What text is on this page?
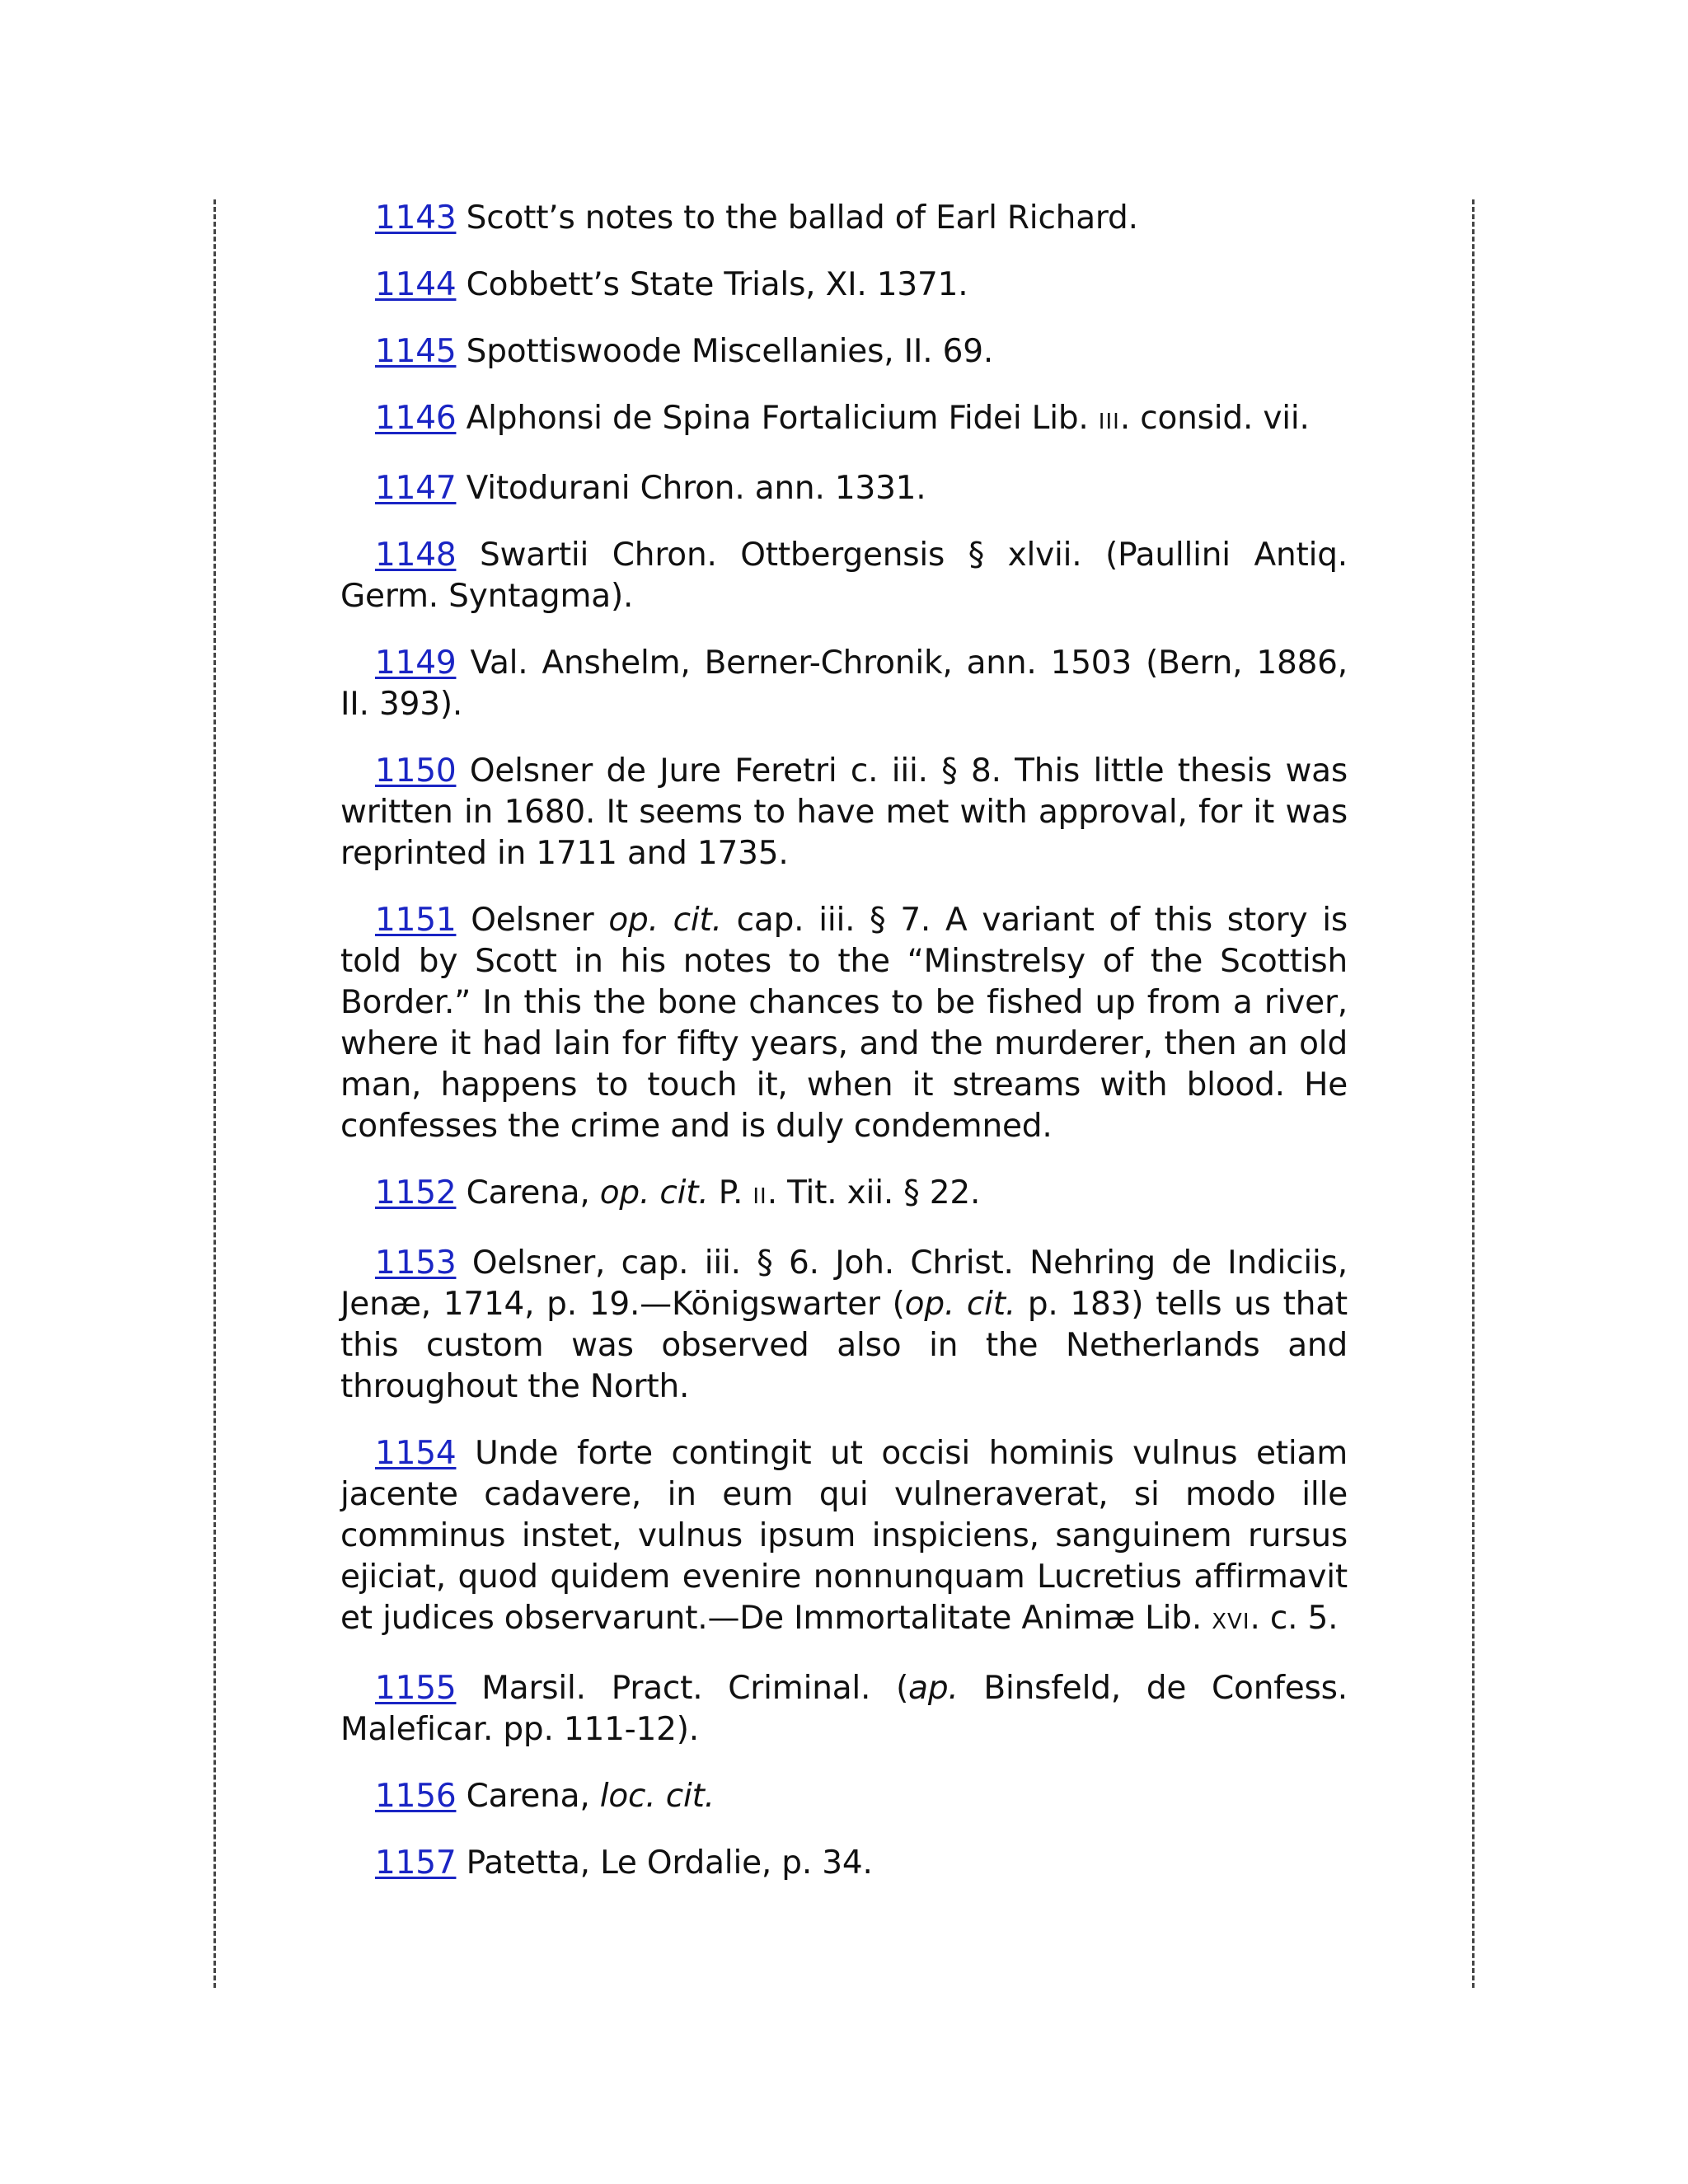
1143 Scott’s notes to the ballad of Earl Richard.

1144 Cobbett’s State Trials, XI. 1371.

1145 Spottiswoode Miscellanies, II. 69.

1146 Alphonsi de Spina Fortalicium Fidei Lib. III. consid. vii.

1147 Vitodurani Chron. ann. 1331.

1148 Swartii Chron. Ottbergensis § xlvii. (Paullini Antiq. Germ. Syntagma).

1149 Val. Anshelm, Berner-Chronik, ann. 1503 (Bern, 1886, II. 393).

1150 Oelsner de Jure Feretri c. iii. § 8. This little thesis was written in 1680. It seems to have met with approval, for it was reprinted in 1711 and 1735.

1151 Oelsner op. cit. cap. iii. § 7. A variant of this story is told by Scott in his notes to the “Minstrelsy of the Scottish Border.” In this the bone chances to be fished up from a river, where it had lain for fifty years, and the murderer, then an old man, happens to touch it, when it streams with blood. He confesses the crime and is duly condemned.

1152 Carena, op. cit. P. II. Tit. xii. § 22.

1153 Oelsner, cap. iii. § 6. Joh. Christ. Nehring de Indiciis, Jenæ, 1714, p. 19.—Königswarter (op. cit. p. 183) tells us that this custom was observed also in the Netherlands and throughout the North.

1154 Unde forte contingit ut occisi hominis vulnus etiam jacente cadavere, in eum qui vulneraverat, si modo ille comminus instet, vulnus ipsum inspiciens, sanguinem rursus ejiciat, quod quidem evenire nonnunquam Lucretius affirmavit et judices observarunt.—De Immortalitate Animæ Lib. XVI. c. 5.

1155 Marsil. Pract. Criminal. (ap. Binsfeld, de Confess. Maleficar. pp. 111-12).

1156 Carena, loc. cit.

1157 Patetta, Le Ordalie, p. 34.
